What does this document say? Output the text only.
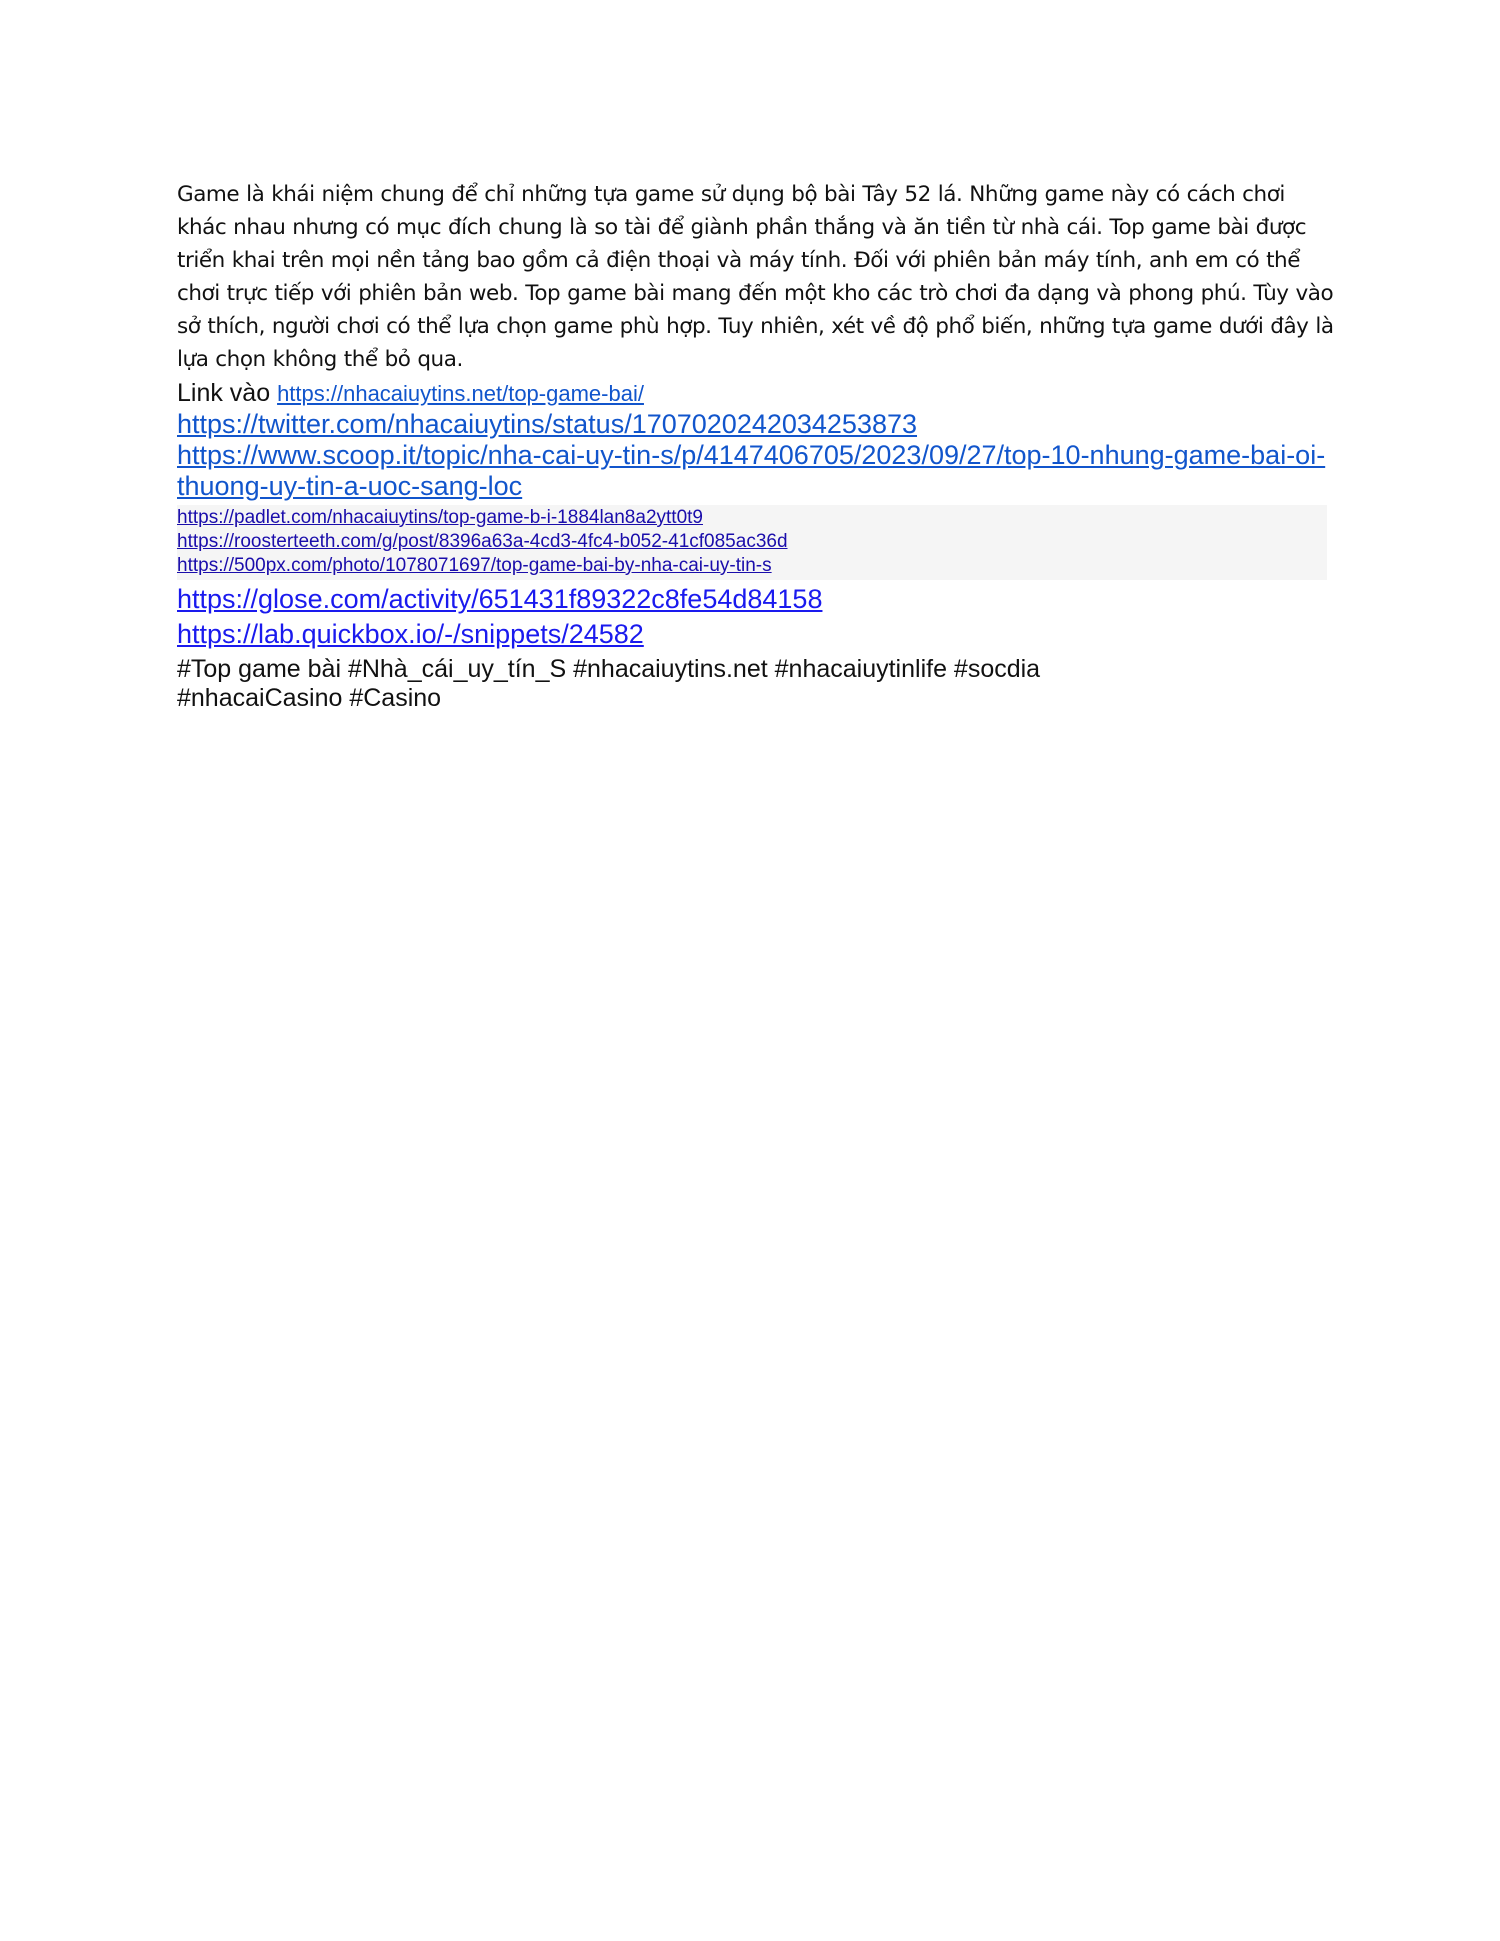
Game là khái niệm chung để chỉ những tựa game sử dụng bộ bài Tây 52 lá. Những game này có cách chơi khác nhau nhưng có mục đích chung là so tài để giành phần thắng và ăn tiền từ nhà cái. Top game bài được triển khai trên mọi nền tảng bao gồm cả điện thoại và máy tính. Đối với phiên bản máy tính, anh em có thể chơi trực tiếp với phiên bản web. Top game bài mang đến một kho các trò chơi đa dạng và phong phú. Tùy vào sở thích, người chơi có thể lựa chọn game phù hợp. Tuy nhiên, xét về độ phổ biến, những tựa game dưới đây là lựa chọn không thể bỏ qua.

Link vào https://nhacaiuytins.net/top-game-bai/
https://twitter.com/nhacaiuytins/status/1707020242034253873
https://www.scoop.it/topic/nha-cai-uy-tin-s/p/4147406705/2023/09/27/top-10-nhung-game-bai-oi-thuong-uy-tin-a-uoc-sang-loc
https://padlet.com/nhacaiuytins/top-game-b-i-1884lan8a2ytt0t9
https://roosterteeth.com/g/post/8396a63a-4cd3-4fc4-b052-41cf085ac36d
https://500px.com/photo/1078071697/top-game-bai-by-nha-cai-uy-tin-s
https://glose.com/activity/651431f89322c8fe54d84158
https://lab.quickbox.io/-/snippets/24582
#Top game bài #Nhà_cái_uy_tín_S #nhacaiuytins.net #nhacaiuytinlife #socdia #nhacaiCasino #Casino
